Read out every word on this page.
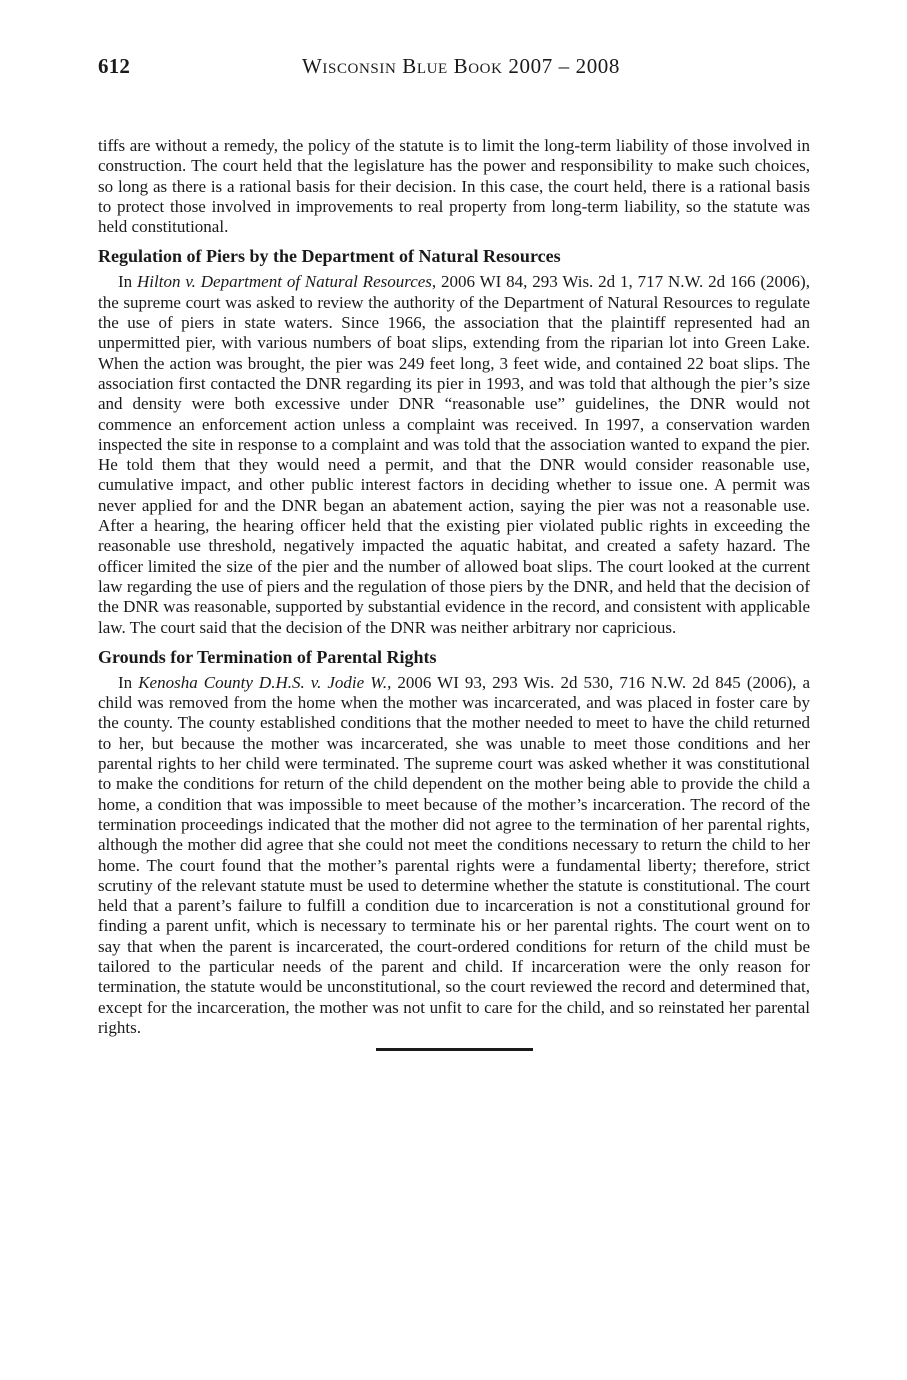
612	Wisconsin Blue Book 2007 – 2008

tiffs are without a remedy, the policy of the statute is to limit the long-term liability of those involved in construction. The court held that the legislature has the power and responsibility to make such choices, so long as there is a rational basis for their decision. In this case, the court held, there is a rational basis to protect those involved in improvements to real property from long-term liability, so the statute was held constitutional.

Regulation of Piers by the Department of Natural Resources

In Hilton v. Department of Natural Resources, 2006 WI 84, 293 Wis. 2d 1, 717 N.W. 2d 166 (2006), the supreme court was asked to review the authority of the Department of Natural Resources to regulate the use of piers in state waters. Since 1966, the association that the plaintiff represented had an unpermitted pier, with various numbers of boat slips, extending from the riparian lot into Green Lake. When the action was brought, the pier was 249 feet long, 3 feet wide, and contained 22 boat slips. The association first contacted the DNR regarding its pier in 1993, and was told that although the pier’s size and density were both excessive under DNR “reasonable use” guidelines, the DNR would not commence an enforcement action unless a complaint was received. In 1997, a conservation warden inspected the site in response to a complaint and was told that the association wanted to expand the pier. He told them that they would need a permit, and that the DNR would consider reasonable use, cumulative impact, and other public interest factors in deciding whether to issue one. A permit was never applied for and the DNR began an abatement action, saying the pier was not a reasonable use. After a hearing, the hearing officer held that the existing pier violated public rights in exceeding the reasonable use threshold, negatively impacted the aquatic habitat, and created a safety hazard. The officer limited the size of the pier and the number of allowed boat slips. The court looked at the current law regarding the use of piers and the regulation of those piers by the DNR, and held that the decision of the DNR was reasonable, supported by substantial evidence in the record, and consistent with applicable law. The court said that the decision of the DNR was neither arbitrary nor capricious.

Grounds for Termination of Parental Rights

In Kenosha County D.H.S. v. Jodie W., 2006 WI 93, 293 Wis. 2d 530, 716 N.W. 2d 845 (2006), a child was removed from the home when the mother was incarcerated, and was placed in foster care by the county. The county established conditions that the mother needed to meet to have the child returned to her, but because the mother was incarcerated, she was unable to meet those conditions and her parental rights to her child were terminated. The supreme court was asked whether it was constitutional to make the conditions for return of the child dependent on the mother being able to provide the child a home, a condition that was impossible to meet because of the mother’s incarceration. The record of the termination proceedings indicated that the mother did not agree to the termination of her parental rights, although the mother did agree that she could not meet the conditions necessary to return the child to her home. The court found that the mother’s parental rights were a fundamental liberty; therefore, strict scrutiny of the relevant statute must be used to determine whether the statute is constitutional. The court held that a parent’s failure to fulfill a condition due to incarceration is not a constitutional ground for finding a parent unfit, which is necessary to terminate his or her parental rights. The court went on to say that when the parent is incarcerated, the court-ordered conditions for return of the child must be tailored to the particular needs of the parent and child. If incarceration were the only reason for termination, the statute would be unconstitutional, so the court reviewed the record and determined that, except for the incarceration, the mother was not unfit to care for the child, and so reinstated her parental rights.
